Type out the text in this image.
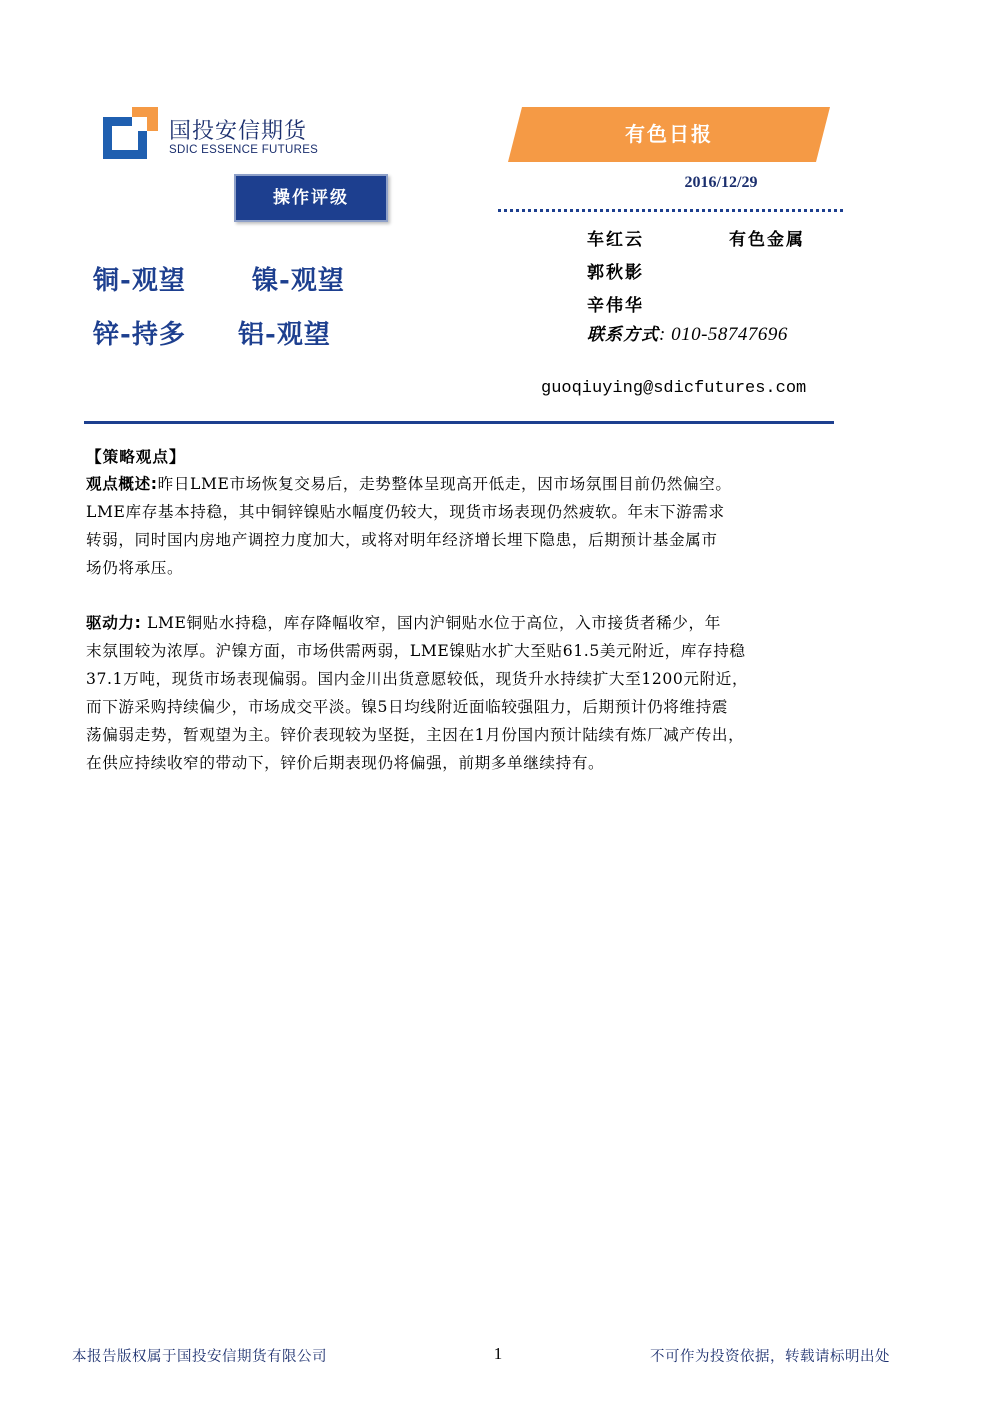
国投安信期货
SDIC ESSENCE FUTURES
有色日报
操作评级
2016/12/29
铜-观望	镍-观望
锌-持多 铝-观望
车红云	有色金属
郭秋影
辛伟华
联系方式: 010-58747696
guoqiuying@sdicfutures.com
【策略观点】
观点概述:昨日LME市场恢复交易后，走势整体呈现高开低走，因市场氛围目前仍然偏空。
LME库存基本持稳，其中铜锌镍贴水幅度仍较大，现货市场表现仍然疲软。年末下游需求
转弱，同时国内房地产调控力度加大，或将对明年经济增长埋下隐患，后期预计基金属市
场仍将承压。
驱动力: LME铜贴水持稳，库存降幅收窄，国内沪铜贴水位于高位，入市接货者稀少，年
末氛围较为浓厚。沪镍方面，市场供需两弱，LME镍贴水扩大至贴61.5美元附近，库存持稳
37.1万吨，现货市场表现偏弱。国内金川出货意愿较低，现货升水持续扩大至1200元附近，
而下游采购持续偏少，市场成交平淡。镍5日均线附近面临较强阻力，后期预计仍将维持震
荡偏弱走势，暂观望为主。锌价表现较为坚挺，主因在1月份国内预计陆续有炼厂减产传出，
在供应持续收窄的带动下，锌价后期表现仍将偏强，前期多单继续持有。
本报告版权属于国投安信期货有限公司	1	不可作为投资依据，转载请标明出处
